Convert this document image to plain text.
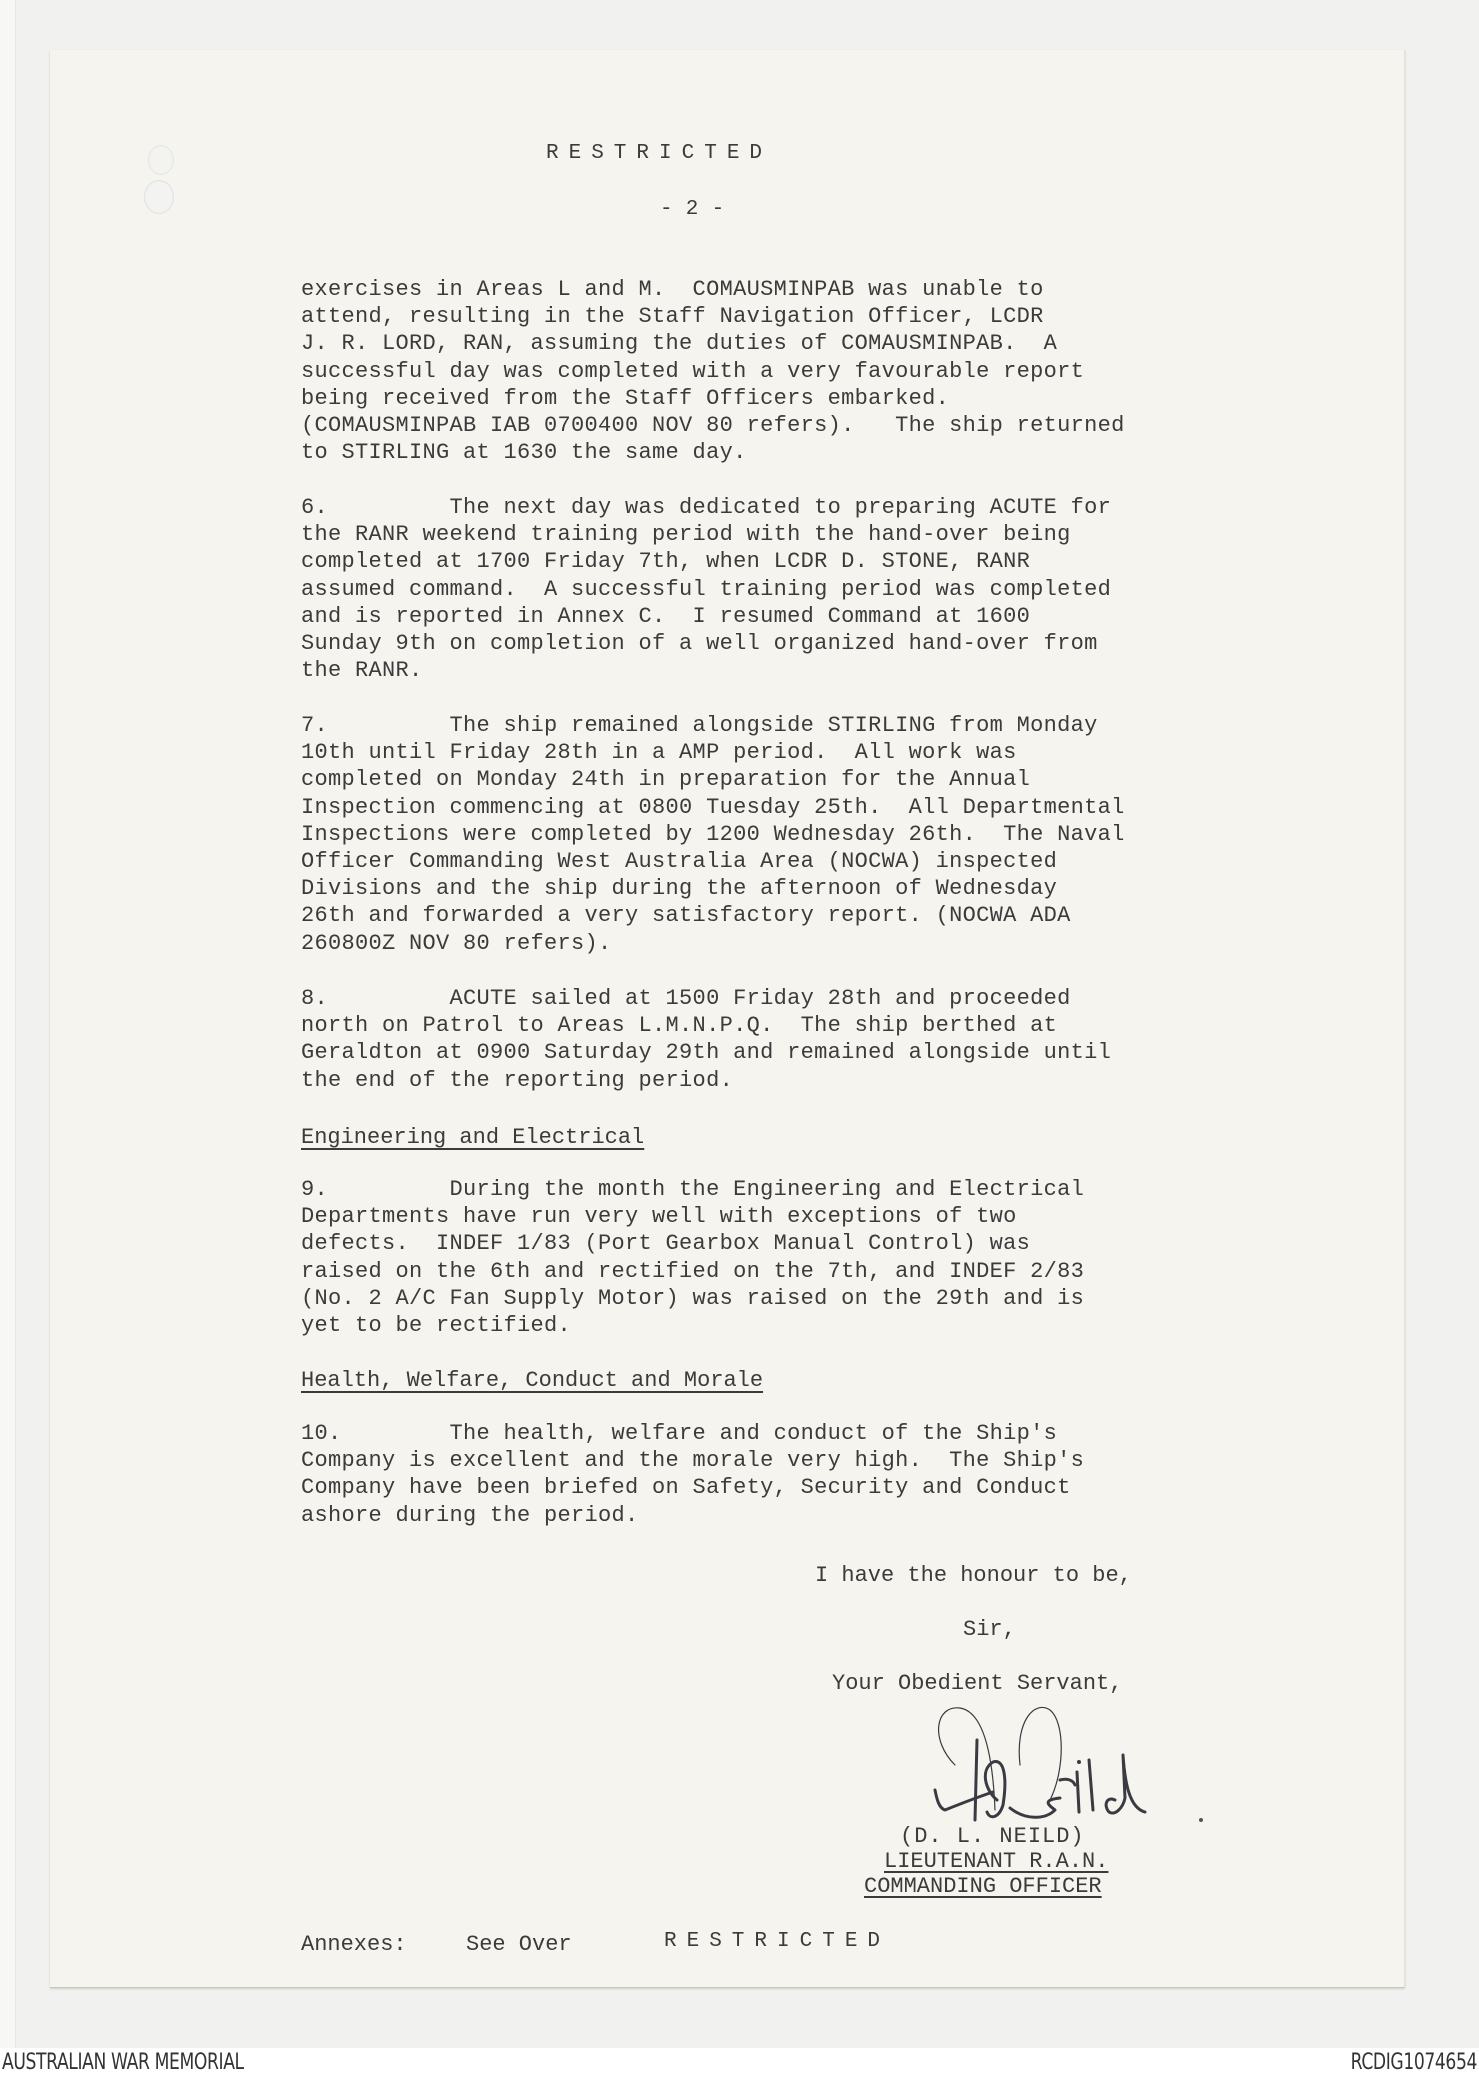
RESTRICTED
- 2 -
exercises in Areas L and M.  COMAUSMINPAB was unable to
attend, resulting in the Staff Navigation Officer, LCDR
J. R. LORD, RAN, assuming the duties of COMAUSMINPAB.  A
successful day was completed with a very favourable report
being received from the Staff Officers embarked.
(COMAUSMINPAB IAB 0700400 NOV 80 refers).   The ship returned
to STIRLING at 1630 the same day.
6.         The next day was dedicated to preparing ACUTE for
the RANR weekend training period with the hand-over being
completed at 1700 Friday 7th, when LCDR D. STONE, RANR
assumed command.  A successful training period was completed
and is reported in Annex C.  I resumed Command at 1600
Sunday 9th on completion of a well organized hand-over from
the RANR.
7.         The ship remained alongside STIRLING from Monday
10th until Friday 28th in a AMP period.  All work was
completed on Monday 24th in preparation for the Annual
Inspection commencing at 0800 Tuesday 25th.  All Departmental
Inspections were completed by 1200 Wednesday 26th.  The Naval
Officer Commanding West Australia Area (NOCWA) inspected
Divisions and the ship during the afternoon of Wednesday
26th and forwarded a very satisfactory report. (NOCWA ADA
260800Z NOV 80 refers).
8.         ACUTE sailed at 1500 Friday 28th and proceeded
north on Patrol to Areas L.M.N.P.Q.  The ship berthed at
Geraldton at 0900 Saturday 29th and remained alongside until
the end of the reporting period.
Engineering and Electrical
9.         During the month the Engineering and Electrical
Departments have run very well with exceptions of two
defects.  INDEF 1/83 (Port Gearbox Manual Control) was
raised on the 6th and rectified on the 7th, and INDEF 2/83
(No. 2 A/C Fan Supply Motor) was raised on the 29th and is
yet to be rectified.
Health, Welfare, Conduct and Morale
10.        The health, welfare and conduct of the Ship's
Company is excellent and the morale very high.  The Ship's
Company have been briefed on Safety, Security and Conduct
ashore during the period.
I have the honour to be,
Sir,
Your Obedient Servant,
(D. L. NEILD)
LIEUTENANT R.A.N.
COMMANDING OFFICER
Annexes:	See Over	RESTRICTED
AUSTRALIAN WAR MEMORIAL	RCDIG1074654
